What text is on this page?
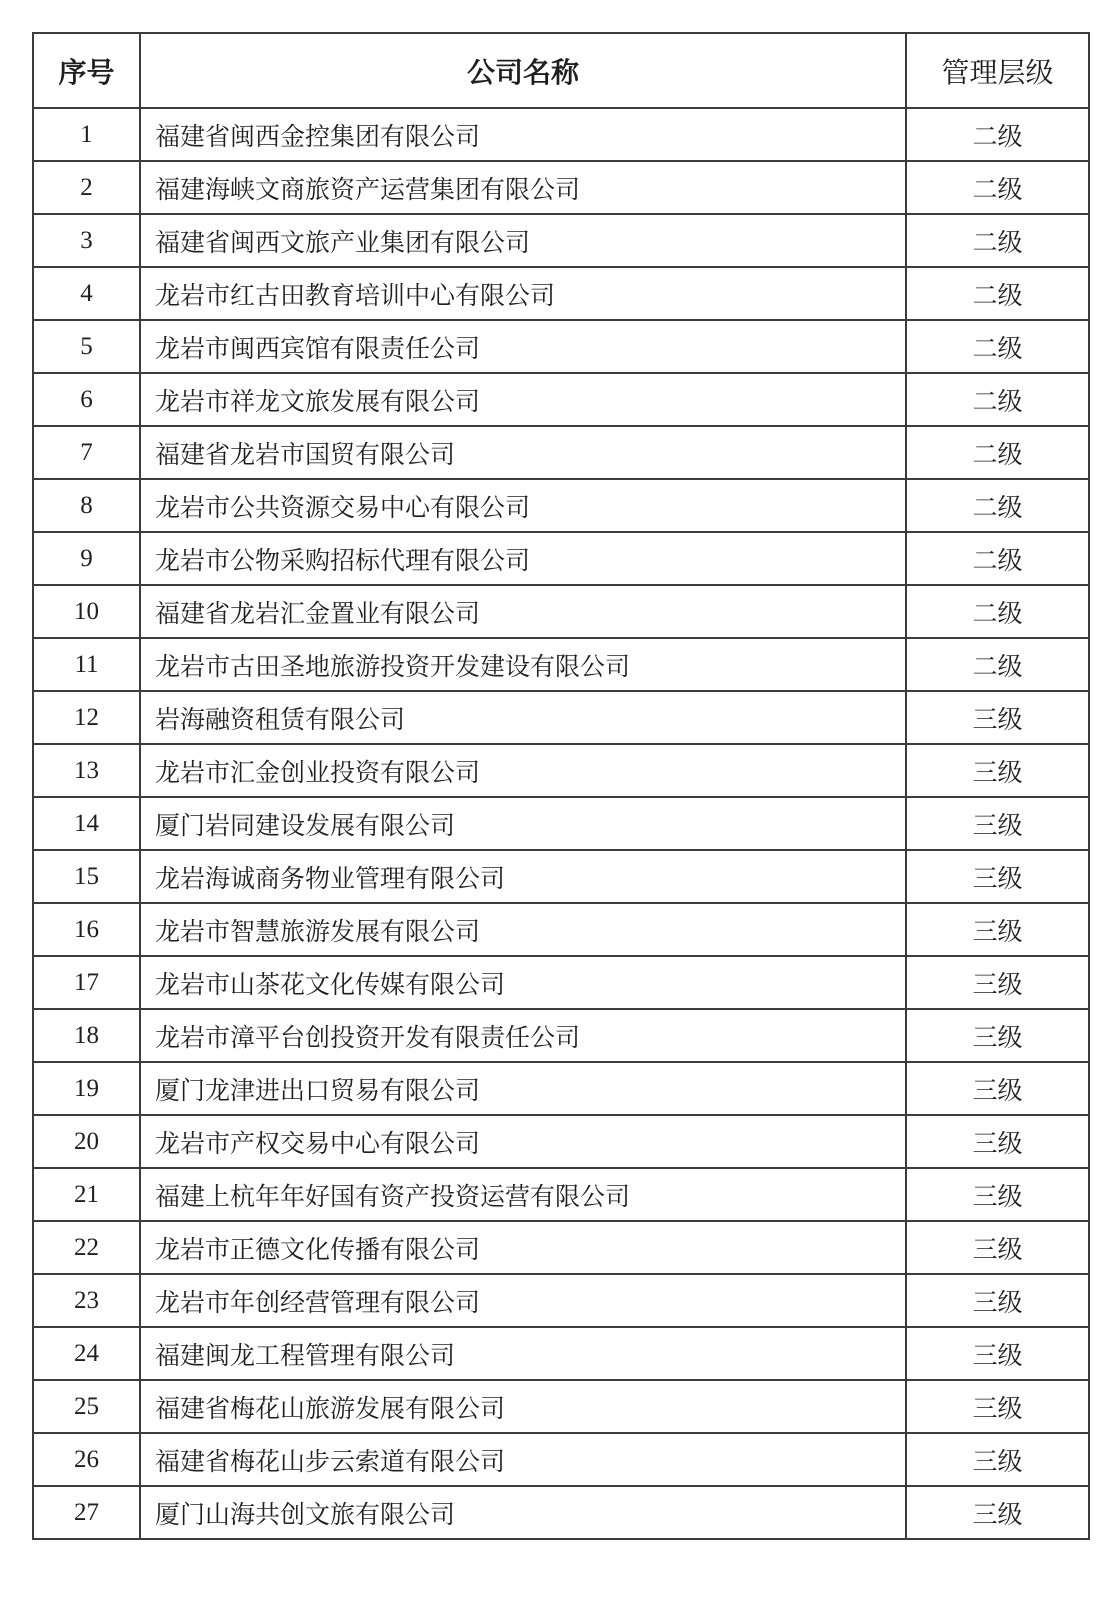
序号	公司名称	管理层级
1	福建省闽西金控集团有限公司	二级
2	福建海峡文商旅资产运营集团有限公司	二级
3	福建省闽西文旅产业集团有限公司	二级
4	龙岩市红古田教育培训中心有限公司	二级
5	龙岩市闽西宾馆有限责任公司	二级
6	龙岩市祥龙文旅发展有限公司	二级
7	福建省龙岩市国贸有限公司	二级
8	龙岩市公共资源交易中心有限公司	二级
9	龙岩市公物采购招标代理有限公司	二级
10	福建省龙岩汇金置业有限公司	二级
11	龙岩市古田圣地旅游投资开发建设有限公司	二级
12	岩海融资租赁有限公司	三级
13	龙岩市汇金创业投资有限公司	三级
14	厦门岩同建设发展有限公司	三级
15	龙岩海诚商务物业管理有限公司	三级
16	龙岩市智慧旅游发展有限公司	三级
17	龙岩市山茶花文化传媒有限公司	三级
18	龙岩市漳平台创投资开发有限责任公司	三级
19	厦门龙津进出口贸易有限公司	三级
20	龙岩市产权交易中心有限公司	三级
21	福建上杭年年好国有资产投资运营有限公司	三级
22	龙岩市正德文化传播有限公司	三级
23	龙岩市年创经营管理有限公司	三级
24	福建闽龙工程管理有限公司	三级
25	福建省梅花山旅游发展有限公司	三级
26	福建省梅花山步云索道有限公司	三级
27	厦门山海共创文旅有限公司	三级
